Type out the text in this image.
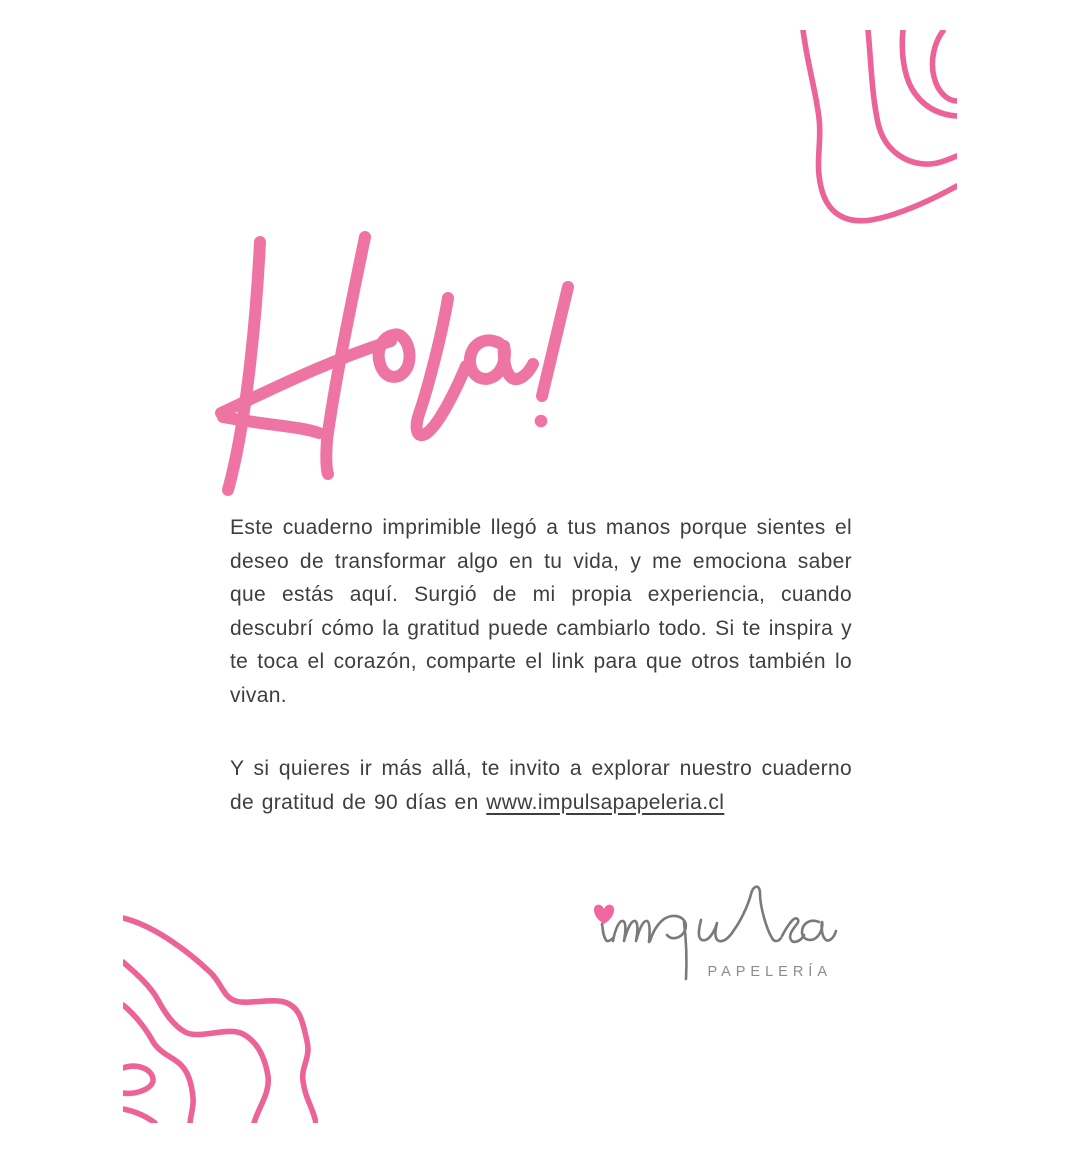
Este cuaderno imprimible llegó a tus manos porque sientes el deseo de transformar algo en tu vida, y me emociona saber que estás aquí. Surgió de mi propia experiencia, cuando descubrí cómo la gratitud puede cambiarlo todo. Si te inspira y te toca el corazón, comparte el link para que otros también lo vivan.

Y si quieres ir más allá, te invito a explorar nuestro cuaderno de gratitud de 90 días en www.impulsapapeleria.cl

PAPELERÍA
